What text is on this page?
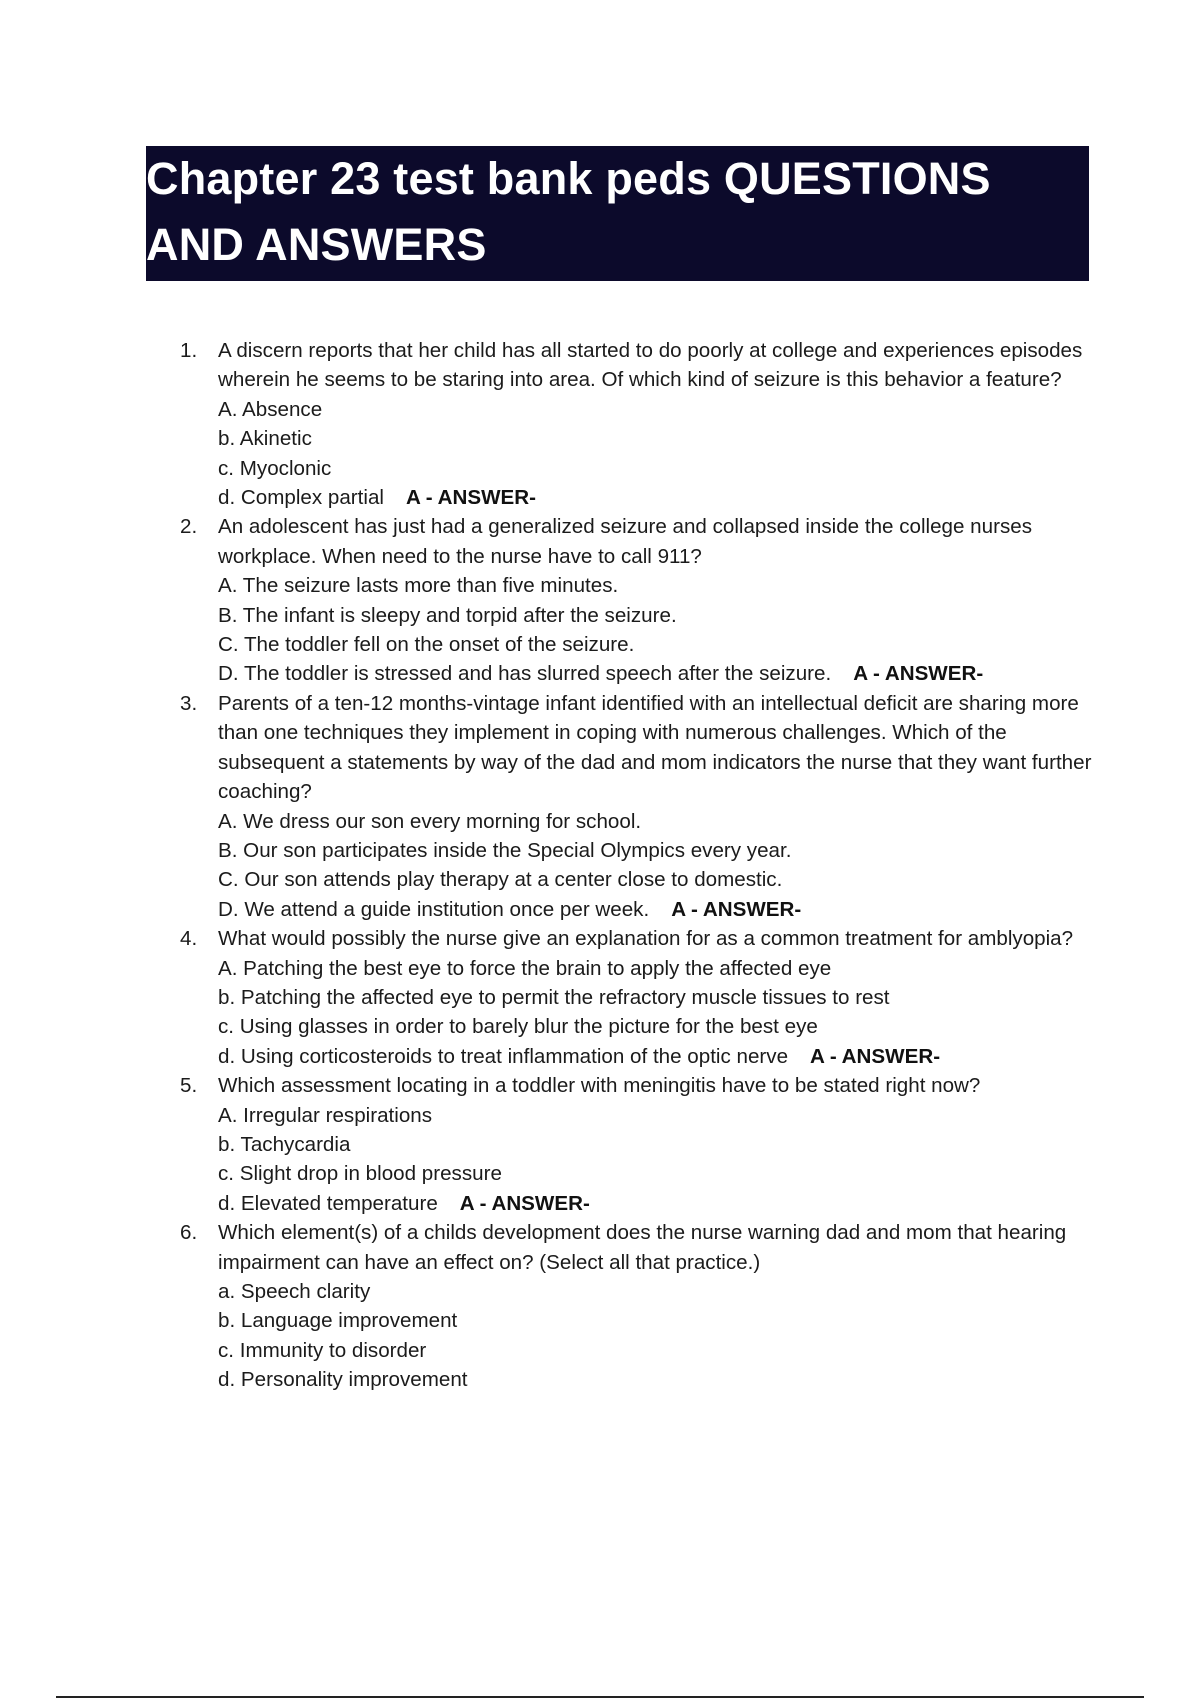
Chapter 23 test bank peds QUESTIONS AND ANSWERS
1.	A discern reports that her child has all started to do poorly at college and experiences episodes wherein he seems to be staring into area. Of which kind of seizure is this behavior a feature?
A. Absence
b. Akinetic
c. Myoclonic
d. Complex partial A - ANSWER-
2.	An adolescent has just had a generalized seizure and collapsed inside the college nurses workplace. When need to the nurse have to call 911?
A. The seizure lasts more than five minutes.
B. The infant is sleepy and torpid after the seizure.
C. The toddler fell on the onset of the seizure.
D. The toddler is stressed and has slurred speech after the seizure. A - ANSWER-
3.	Parents of a ten-12 months-vintage infant identified with an intellectual deficit are sharing more than one techniques they implement in coping with numerous challenges. Which of the subsequent a statements by way of the dad and mom indicators the nurse that they want further coaching?
A. We dress our son every morning for school.
B. Our son participates inside the Special Olympics every year.
C. Our son attends play therapy at a center close to domestic.
D. We attend a guide institution once per week. A - ANSWER-
4.	What would possibly the nurse give an explanation for as a common treatment for amblyopia?
A. Patching the best eye to force the brain to apply the affected eye
b. Patching the affected eye to permit the refractory muscle tissues to rest
c. Using glasses in order to barely blur the picture for the best eye
d. Using corticosteroids to treat inflammation of the optic nerve A - ANSWER-
5.	Which assessment locating in a toddler with meningitis have to be stated right now?
A. Irregular respirations
b. Tachycardia
c. Slight drop in blood pressure
d. Elevated temperature A - ANSWER-
6.	Which element(s) of a childs development does the nurse warning dad and mom that hearing impairment can have an effect on? (Select all that practice.)
a. Speech clarity
b. Language improvement
c. Immunity to disorder
d. Personality improvement
